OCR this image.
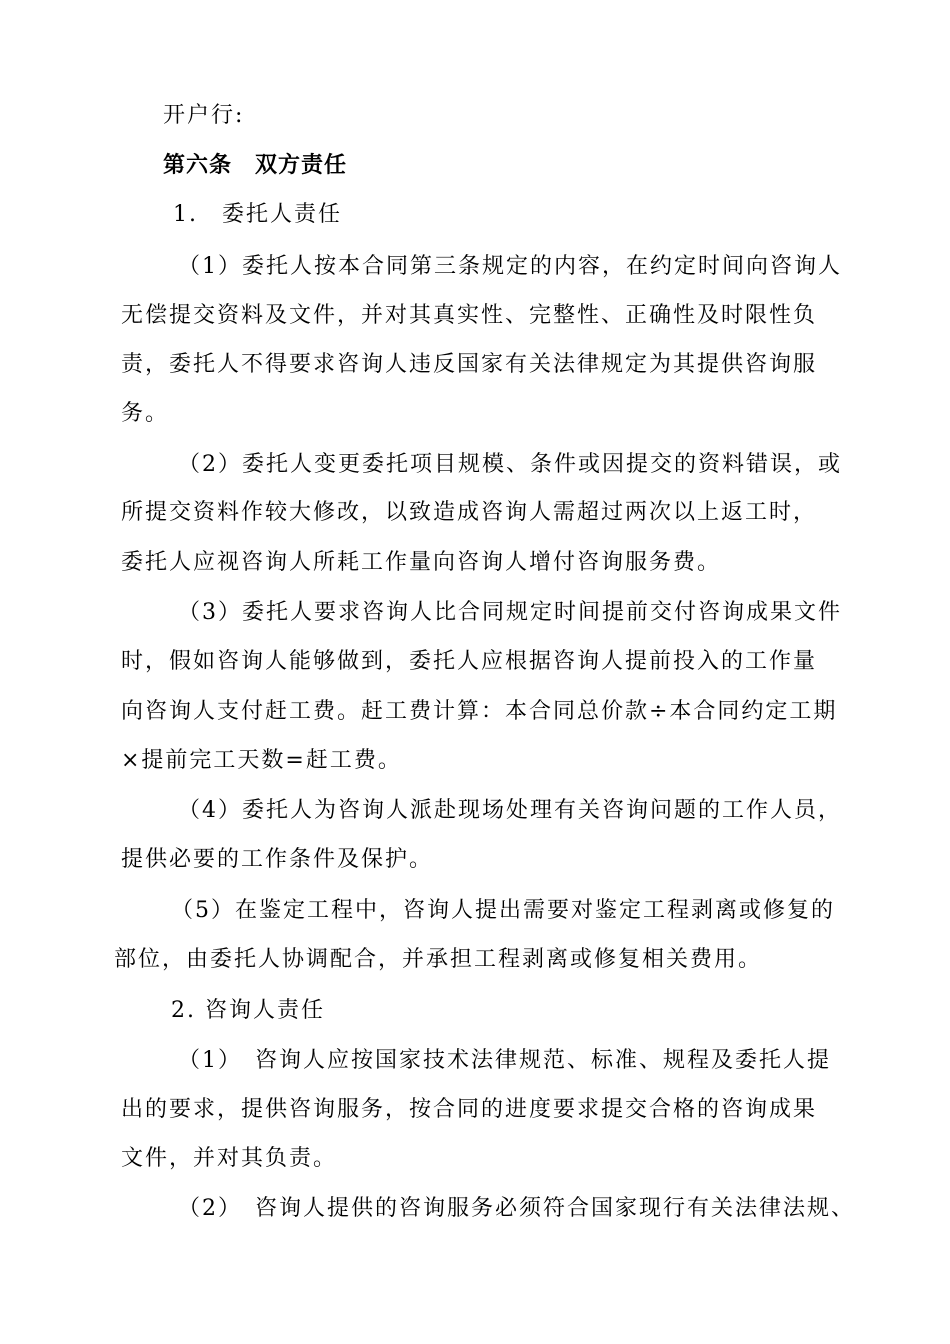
开户行:
第六条　双方责任
1.　委托人责任
（1）委托人按本合同第三条规定的内容，在约定时间向咨询人
无偿提交资料及文件，并对其真实性、完整性、正确性及时限性负
责，委托人不得要求咨询人违反国家有关法律规定为其提供咨询服
务。
（2）委托人变更委托项目规模、条件或因提交的资料错误，或
所提交资料作较大修改，以致造成咨询人需超过两次以上返工时，
委托人应视咨询人所耗工作量向咨询人增付咨询服务费。
（3）委托人要求咨询人比合同规定时间提前交付咨询成果文件
时，假如咨询人能够做到，委托人应根据咨询人提前投入的工作量
向咨询人支付赶工费。赶工费计算：本合同总价款÷本合同约定工期
×提前完工天数=赶工费。
（4）委托人为咨询人派赴现场处理有关咨询问题的工作人员，
提供必要的工作条件及保护。
（5）在鉴定工程中，咨询人提出需要对鉴定工程剥离或修复的
部位，由委托人协调配合，并承担工程剥离或修复相关费用。
2. 咨询人责任
（1）　咨询人应按国家技术法律规范、标准、规程及委托人提
出的要求，提供咨询服务，按合同的进度要求提交合格的咨询成果
文件，并对其负责。
（2）　咨询人提供的咨询服务必须符合国家现行有关法律法规、
